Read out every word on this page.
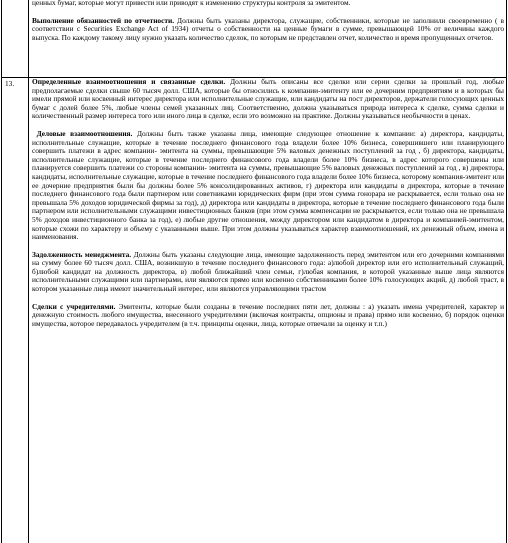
ценных бумаг, которые могут привести или приводят к изменению структуры контроля за эмитентом.

Выполнение обязанностей по отчетности. Должны быть указаны директора, служащие, собственники, которые не заполнили своевременно ( в соответствии с Securities Exchange Act of 1934) отчеты о собственности на ценные бумаги в сумме, превышающей 10% от величины каждого выпуска. По каждому такому лицу нужно указать количество сделок, по которым не представлен отчет, количество и время пропущенных отчетов.

13.	Определенные взаимоотношения и связанные сделки. Должны быть описаны все сделки или серии сделки за прошлый год, любые предполагаемые сделки свыше 60 тысяч долл. США, которые бы относились к компании-эмитенту или ее дочерним предприятиям и в которых бы имели прямой или косвенный интерес директора или исполнительные служащие, или кандидаты на пост директоров, держатели голосующих ценных бумаг с долей более 5%, любые члены семей указанных лиц. Соответственно, должна указываться природа интереса к сделке, сумма сделки и количественный размер интереса того или иного лица в сделке, если это возможно на практике. Должны указываться необычности в ценах.

Деловые взаимоотношения. Должны быть также указаны лица, имеющие следующее отношение к компании: а) директора, кандидаты, исполнительные служащие, которые в течение последнего финансового года владели более 10% бизнеса, совершившего или планирующего совершить платежи в адрес компании- эмитента на суммы, превышающие 5% валовых денежных поступлений за год , б) директора, кандидаты, исполнительные служащие, которые в течение последнего финансового года владели более 10% бизнеса, в адрес которого совершены или планируется совершить платежи со стороны компании- эмитента на суммы, превышающие 5% валовых денежных поступлений за год , в) директора, кандидаты, исполнительные служащие, которые в течение последнего финансового года владели более 10% бизнеса, которому компания-эмитент или ее дочерние предприятия были бы должны более 5% консолидированных активов, г) директора или кандидаты в директора, которые в течение последнего финансового года были партнером или советниками юридических фирм (при этом сумма гонорара не раскрывается, если только она не превышала 5% доходов юридической фирмы за год), д) директора или кандидаты в директора, которые в течение последнего финансового года были партнером или исполнительными служащими инвестиционных банков (при этом сумма компенсации не раскрывается, если только она не превышала 5% доходов инвестиционного банка за год), е) любые другие отношения, между директором или кандидатом в директора и компанией-эмитентом, которые схожи по характеру и объему с указанными выше. При этом должны указываться характер взаимоотношений, их денежный объем, имена и наименования.

Задолженность менеджмента. Должны быть указаны следующие лица, имеющие задолженность перед эмитентом или его дочерними компаниями на сумму более 60 тысяч долл. США, возникшую в течение последнего финансового года: а)любой директор или его исполнительный служащий, б)любой кандидат на должность директора, в) любой ближайший член семьи, г)любая компания, в которой указанные выше лица являются исполнительными служащими или партнерами, или являются прямо или косвенно собственниками более 10% голосующих акций, д) любой траст, в котором указанные лица имеют значительный интерес, или являются управляющими трастом

Сделки с учредителями. Эмитенты, которые были созданы в течение последних пяти лет, должны : а) указать имена учредителей, характер и денежную стоимость любого имущества, внесенного учредителями (включая контракты, опционы и права) прямо или косвенно, б) порядок оценки имущества, которое передавалось учредителем (в т.ч. принципы оценки, лица, которые отвечали за оценку и т.п.)
